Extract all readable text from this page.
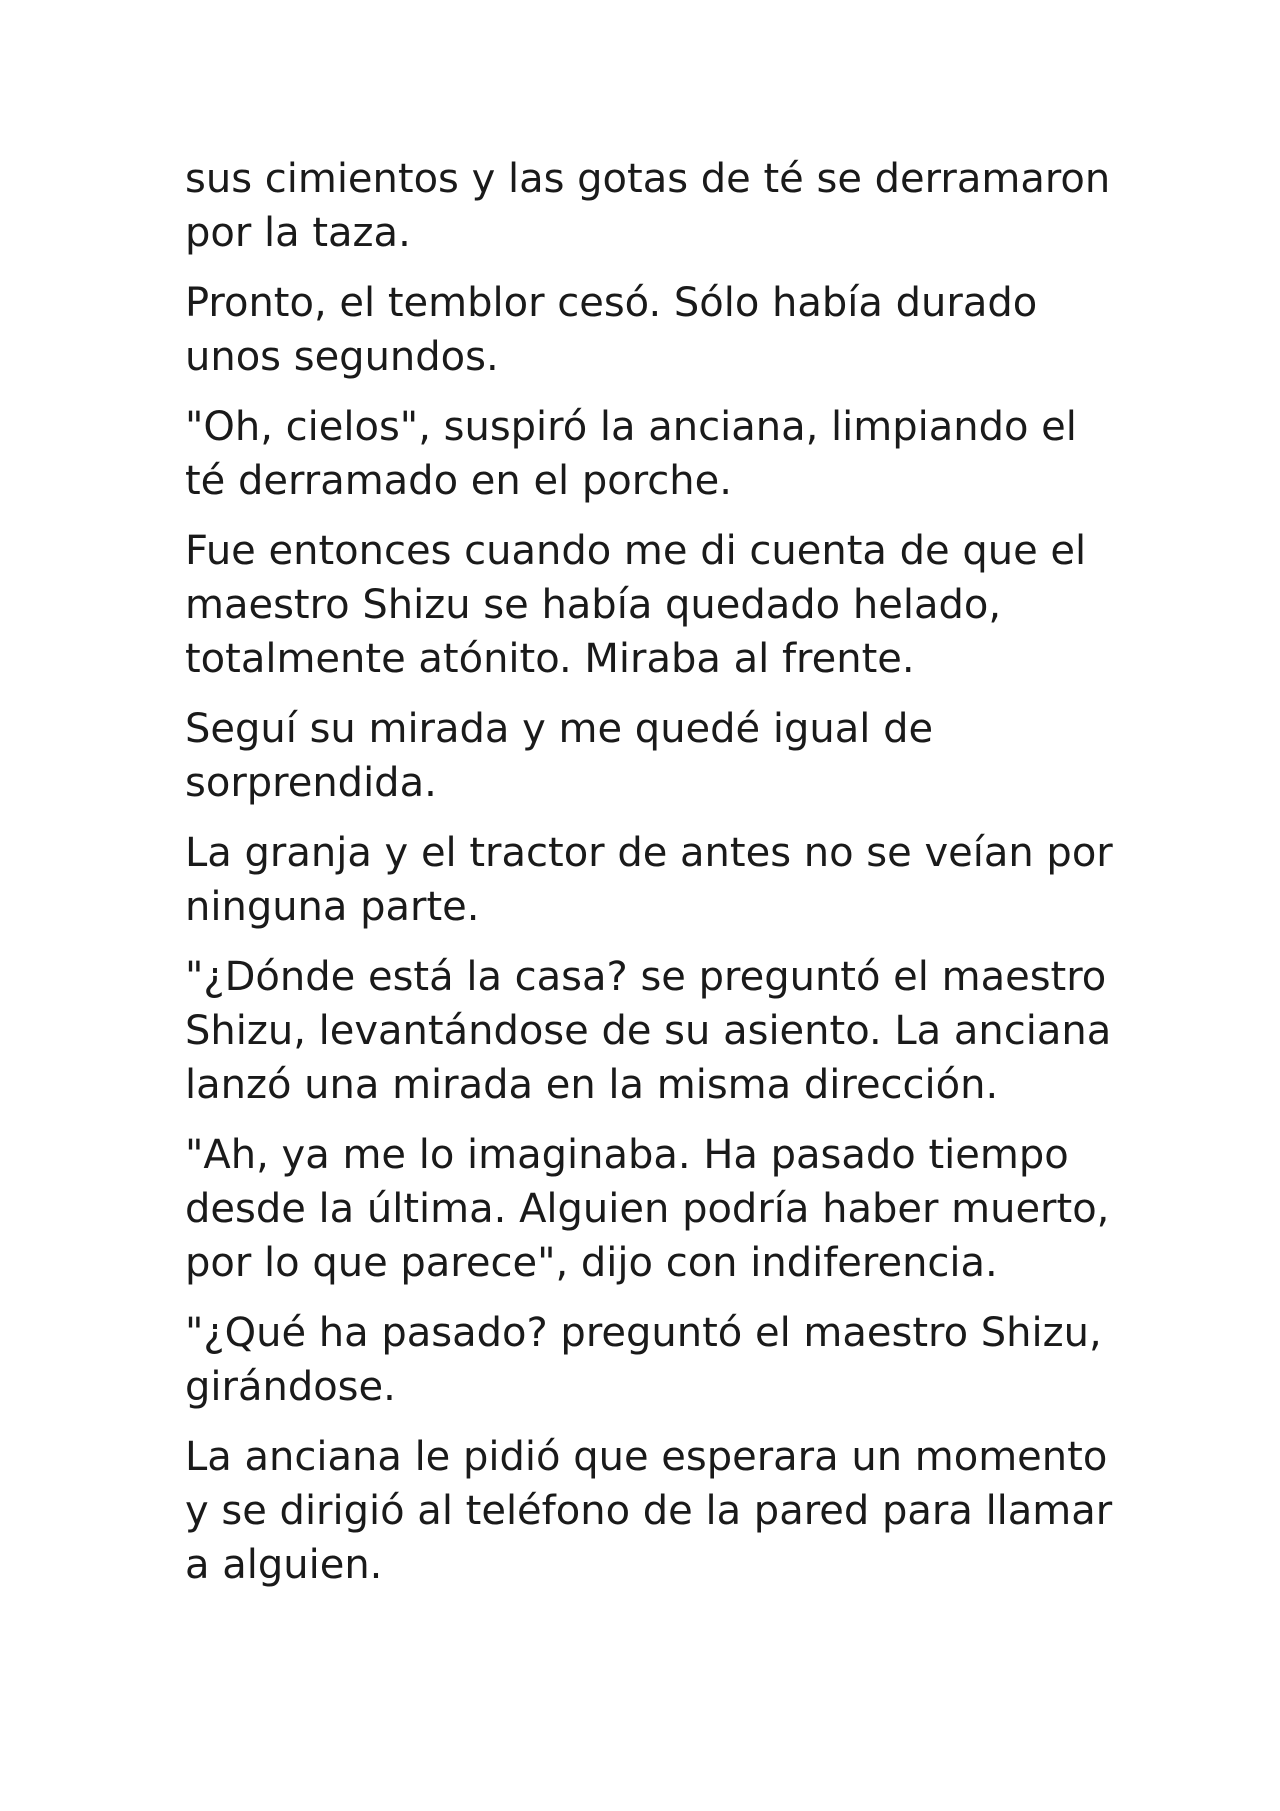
sus cimientos y las gotas de té se derramaron
por la taza.

Pronto, el temblor cesó. Sólo había durado
unos segundos.

"Oh, cielos", suspiró la anciana, limpiando el
té derramado en el porche.

Fue entonces cuando me di cuenta de que el
maestro Shizu se había quedado helado,
totalmente atónito. Miraba al frente.

Seguí su mirada y me quedé igual de
sorprendida.

La granja y el tractor de antes no se veían por
ninguna parte.

"¿Dónde está la casa? se preguntó el maestro
Shizu, levantándose de su asiento. La anciana
lanzó una mirada en la misma dirección.

"Ah, ya me lo imaginaba. Ha pasado tiempo
desde la última. Alguien podría haber muerto,
por lo que parece", dijo con indiferencia.

"¿Qué ha pasado? preguntó el maestro Shizu,
girándose.

La anciana le pidió que esperara un momento
y se dirigió al teléfono de la pared para llamar
a alguien.
